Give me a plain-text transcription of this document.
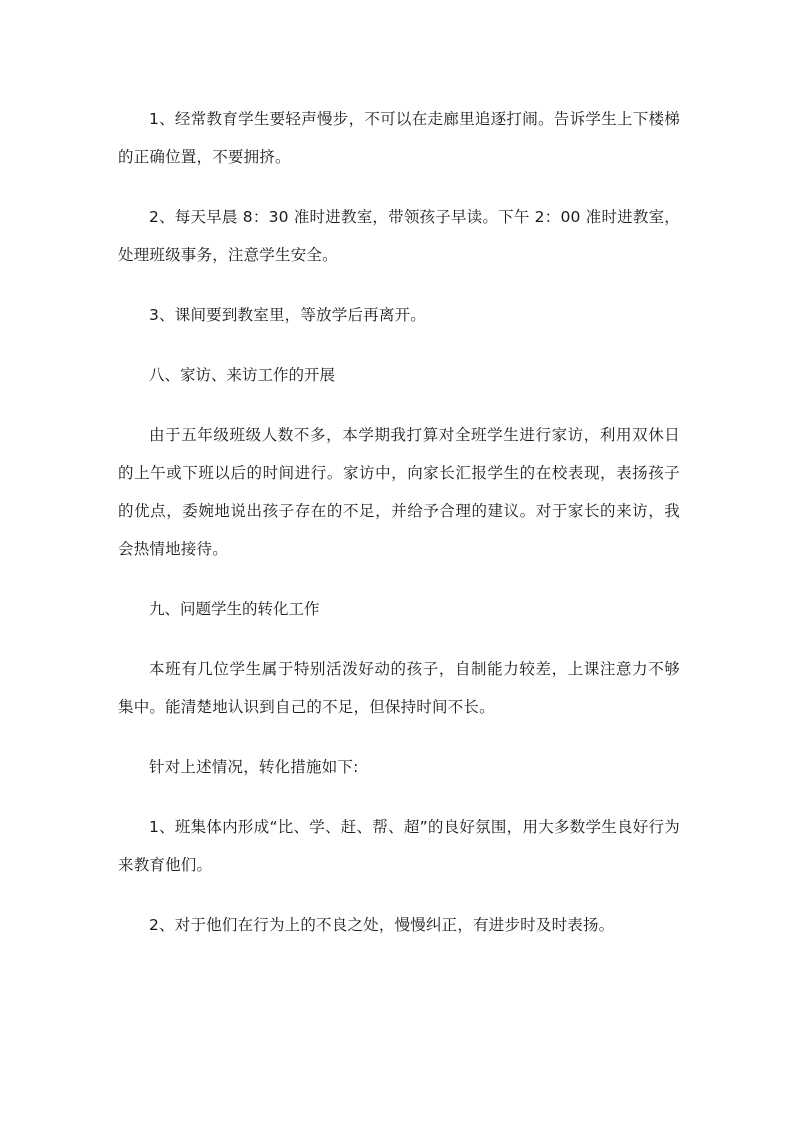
1、经常教育学生要轻声慢步，不可以在走廊里追逐打闹。告诉学生上下楼梯的正确位置，不要拥挤。

2、每天早晨 8：30 准时进教室，带领孩子早读。下午 2：00 准时进教室，处理班级事务，注意学生安全。

3、课间要到教室里，等放学后再离开。

八、家访、来访工作的开展

由于五年级班级人数不多，本学期我打算对全班学生进行家访，利用双休日的上午或下班以后的时间进行。家访中，向家长汇报学生的在校表现，表扬孩子的优点，委婉地说出孩子存在的不足，并给予合理的建议。对于家长的来访，我会热情地接待。

九、问题学生的转化工作

本班有几位学生属于特别活泼好动的孩子，自制能力较差，上课注意力不够集中。能清楚地认识到自己的不足，但保持时间不长。

针对上述情况，转化措施如下:

1、班集体内形成“比、学、赶、帮、超”的良好氛围，用大多数学生良好行为来教育他们。

2、对于他们在行为上的不良之处，慢慢纠正，有进步时及时表扬。
